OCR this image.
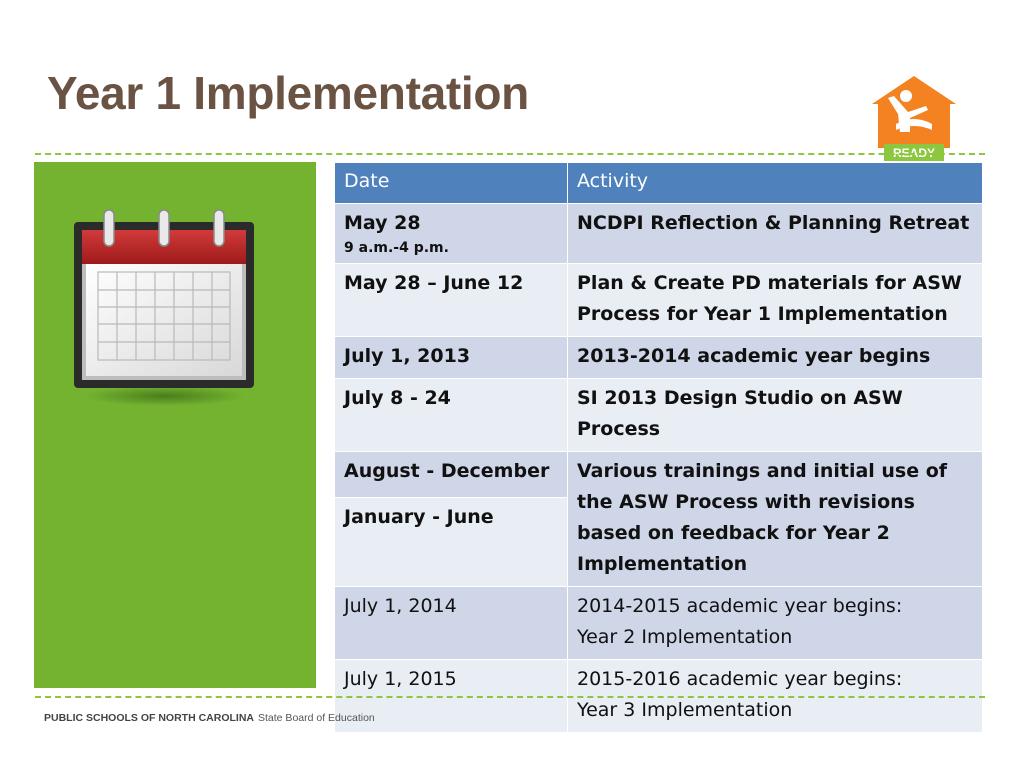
Year 1 Implementation
READY
Date	Activity
May 28
9 a.m.-4 p.m.	NCDPI Reflection & Planning Retreat
May 28 – June 12	Plan & Create PD materials for ASW Process for Year 1 Implementation
July 1, 2013	2013-2014 academic year begins
July 8 - 24	SI 2013 Design Studio on ASW Process
August - December	Various trainings and initial use of the ASW Process with revisions based on feedback for Year 2 Implementation
January - June	
July 1, 2014	2014-2015 academic year begins:
Year 2 Implementation

July 1, 2015	2015-2016 academic year begins:
Year 3 Implementation
PUBLIC SCHOOLS OF NORTH CAROLINA State Board of Education
